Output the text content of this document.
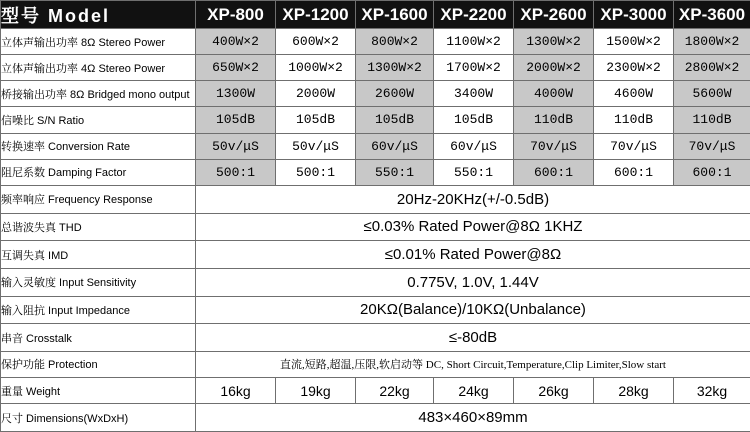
型号 Model	XP-800	XP-1200	XP-1600	XP-2200	XP-2600	XP-3000	XP-3600
立体声输出功率 8Ω Stereo Power	400W×2	600W×2	800W×2	1100W×2	1300W×2	1500W×2	1800W×2
立体声输出功率 4Ω Stereo Power	650W×2	1000W×2	1300W×2	1700W×2	2000W×2	2300W×2	2800W×2
桥接输出功率 8Ω Bridged mono output	1300W	2000W	2600W	3400W	4000W	4600W	5600W
信噪比 S/N Ratio	105dB	105dB	105dB	105dB	110dB	110dB	110dB
转换速率 Conversion Rate	50v/μS	50v/μS	60v/μS	60v/μS	70v/μS	70v/μS	70v/μS
阻尼系数 Damping Factor	500:1	500:1	550:1	550:1	600:1	600:1	600:1
频率响应 Frequency Response	20Hz-20KHz(+/-0.5dB)						
总谐波失真 THD	≤0.03% Rated Power@8Ω 1KHZ						
互调失真 IMD	≤0.01% Rated Power@8Ω						
输入灵敏度 Input Sensitivity	0.775V, 1.0V, 1.44V						
输入阻抗 Input Impedance	20KΩ(Balance)/10KΩ(Unbalance)						
串音 Crosstalk	≤-80dB						
保护功能 Protection	直流,短路,超温,压限,软启动等 DC, Short Circuit,Temperature,Clip Limiter,Slow start						
重量 Weight	16kg	19kg	22kg	24kg	26kg	28kg	32kg
尺寸 Dimensions(WxDxH)	483×460×89mm						
